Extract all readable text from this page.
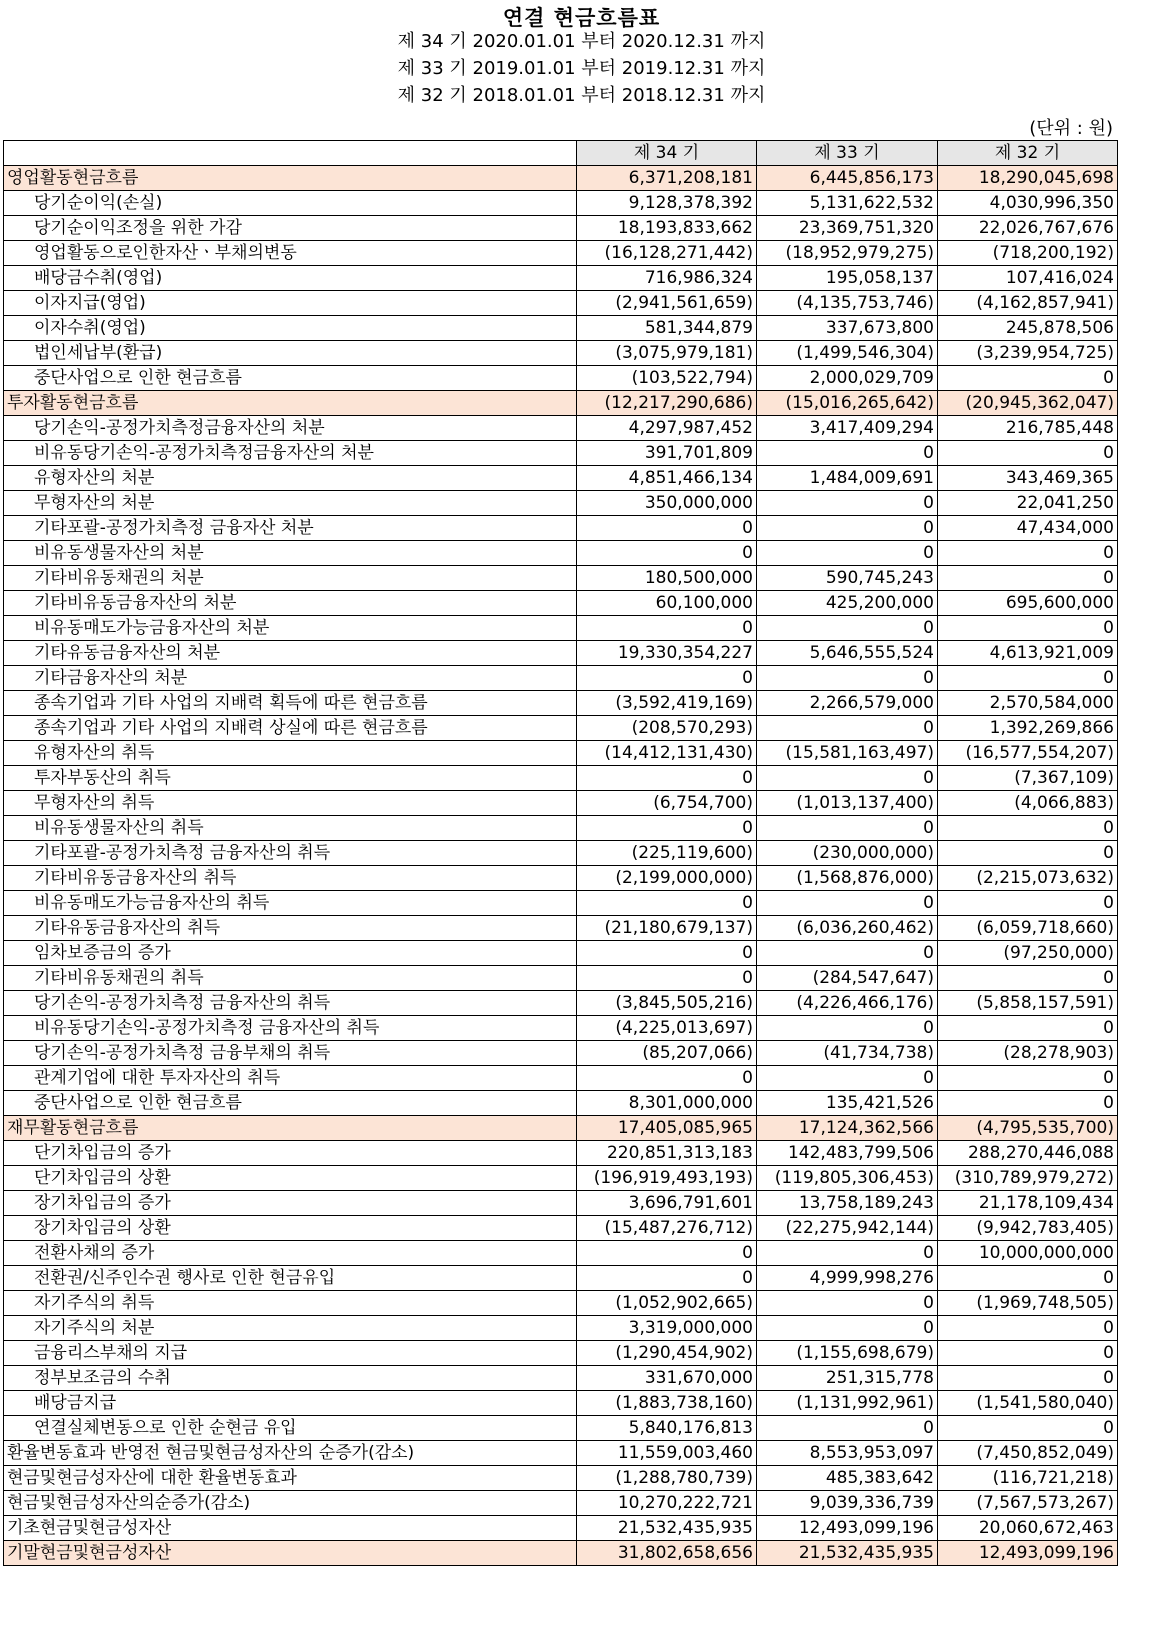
연결 현금흐름표
제 34 기 2020.01.01 부터 2020.12.31 까지
제 33 기 2019.01.01 부터 2019.12.31 까지
제 32 기 2018.01.01 부터 2018.12.31 까지
(단위 : 원)
	제 34 기	제 33 기	제 32 기
영업활동현금흐름	6,371,208,181	6,445,856,173	18,290,045,698
당기순이익(손실)	9,128,378,392	5,131,622,532	4,030,996,350
당기순이익조정을 위한 가감	18,193,833,662	23,369,751,320	22,026,767,676
영업활동으로인한자산ㆍ부채의변동	(16,128,271,442)	(18,952,979,275)	(718,200,192)
배당금수취(영업)	716,986,324	195,058,137	107,416,024
이자지급(영업)	(2,941,561,659)	(4,135,753,746)	(4,162,857,941)
이자수취(영업)	581,344,879	337,673,800	245,878,506
법인세납부(환급)	(3,075,979,181)	(1,499,546,304)	(3,239,954,725)
중단사업으로 인한 현금흐름	(103,522,794)	2,000,029,709	0
투자활동현금흐름	(12,217,290,686)	(15,016,265,642)	(20,945,362,047)
당기손익-공정가치측정금융자산의 처분	4,297,987,452	3,417,409,294	216,785,448
비유동당기손익-공정가치측정금융자산의 처분	391,701,809	0	0
유형자산의 처분	4,851,466,134	1,484,009,691	343,469,365
무형자산의 처분	350,000,000	0	22,041,250
기타포괄-공정가치측정 금융자산 처분	0	0	47,434,000
비유동생물자산의 처분	0	0	0
기타비유동채권의 처분	180,500,000	590,745,243	0
기타비유동금융자산의 처분	60,100,000	425,200,000	695,600,000
비유동매도가능금융자산의 처분	0	0	0
기타유동금융자산의 처분	19,330,354,227	5,646,555,524	4,613,921,009
기타금융자산의 처분	0	0	0
종속기업과 기타 사업의 지배력 획득에 따른 현금흐름	(3,592,419,169)	2,266,579,000	2,570,584,000
종속기업과 기타 사업의 지배력 상실에 따른 현금흐름	(208,570,293)	0	1,392,269,866
유형자산의 취득	(14,412,131,430)	(15,581,163,497)	(16,577,554,207)
투자부동산의 취득	0	0	(7,367,109)
무형자산의 취득	(6,754,700)	(1,013,137,400)	(4,066,883)
비유동생물자산의 취득	0	0	0
기타포괄-공정가치측정 금융자산의 취득	(225,119,600)	(230,000,000)	0
기타비유동금융자산의 취득	(2,199,000,000)	(1,568,876,000)	(2,215,073,632)
비유동매도가능금융자산의 취득	0	0	0
기타유동금융자산의 취득	(21,180,679,137)	(6,036,260,462)	(6,059,718,660)
임차보증금의 증가	0	0	(97,250,000)
기타비유동채권의 취득	0	(284,547,647)	0
당기손익-공정가치측정 금융자산의 취득	(3,845,505,216)	(4,226,466,176)	(5,858,157,591)
비유동당기손익-공정가치측정 금융자산의 취득	(4,225,013,697)	0	0
당기손익-공정가치측정 금융부채의 취득	(85,207,066)	(41,734,738)	(28,278,903)
관계기업에 대한 투자자산의 취득	0	0	0
중단사업으로 인한 현금흐름	8,301,000,000	135,421,526	0
재무활동현금흐름	17,405,085,965	17,124,362,566	(4,795,535,700)
단기차입금의 증가	220,851,313,183	142,483,799,506	288,270,446,088
단기차입금의 상환	(196,919,493,193)	(119,805,306,453)	(310,789,979,272)
장기차입금의 증가	3,696,791,601	13,758,189,243	21,178,109,434
장기차입금의 상환	(15,487,276,712)	(22,275,942,144)	(9,942,783,405)
전환사채의 증가	0	0	10,000,000,000
전환권/신주인수권 행사로 인한 현금유입	0	4,999,998,276	0
자기주식의 취득	(1,052,902,665)	0	(1,969,748,505)
자기주식의 처분	3,319,000,000	0	0
금융리스부채의 지급	(1,290,454,902)	(1,155,698,679)	0
정부보조금의 수취	331,670,000	251,315,778	0
배당금지급	(1,883,738,160)	(1,131,992,961)	(1,541,580,040)
연결실체변동으로 인한 순현금 유입	5,840,176,813	0	0
환율변동효과 반영전 현금및현금성자산의 순증가(감소)	11,559,003,460	8,553,953,097	(7,450,852,049)
현금및현금성자산에 대한 환율변동효과	(1,288,780,739)	485,383,642	(116,721,218)
현금및현금성자산의순증가(감소)	10,270,222,721	9,039,336,739	(7,567,573,267)
기초현금및현금성자산	21,532,435,935	12,493,099,196	20,060,672,463
기말현금및현금성자산	31,802,658,656	21,532,435,935	12,493,099,196
